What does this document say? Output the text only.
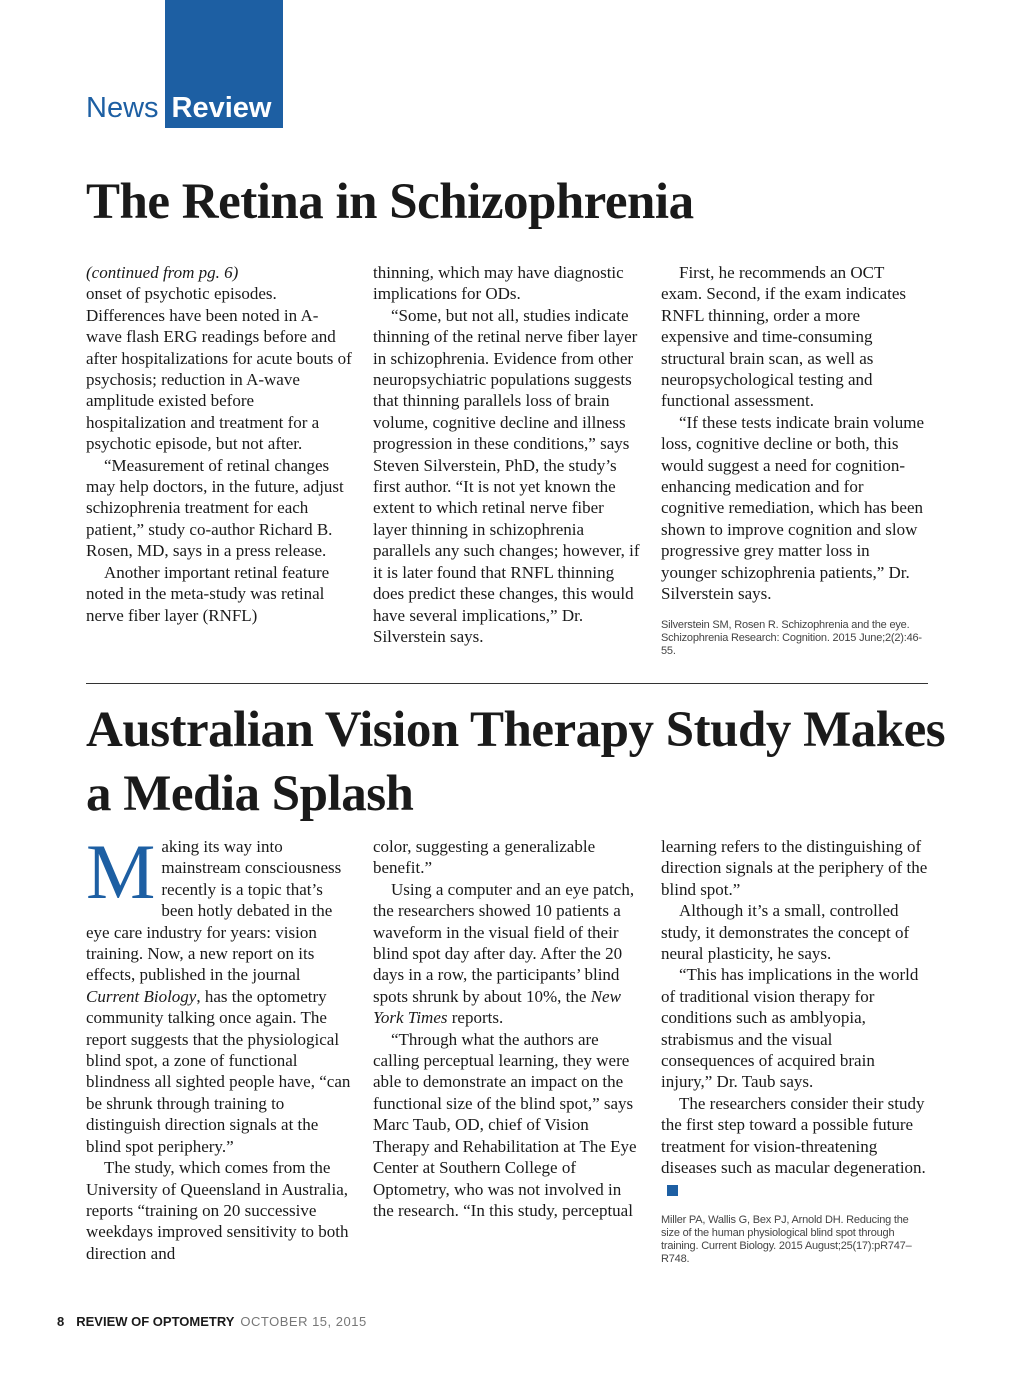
News Review
The Retina in Schizophrenia

(continued from pg. 6)

onset of psychotic episodes. Differences have been noted in A-wave flash ERG readings before and after hospitalizations for acute bouts of psychosis; reduction in A-wave amplitude existed before hospitalization and treatment for a psychotic episode, but not after.

“Measurement of retinal changes may help doctors, in the future, adjust schizophrenia treatment for each patient,” study co-author Richard B. Rosen, MD, says in a press release.

Another important retinal feature noted in the meta-study was retinal nerve fiber layer (RNFL)

thinning, which may have diagnostic implications for ODs.

“Some, but not all, studies indicate thinning of the retinal nerve fiber layer in schizophrenia. Evidence from other neuropsychiatric populations suggests that thinning parallels loss of brain volume, cognitive decline and illness progression in these conditions,” says Steven Silverstein, PhD, the study’s first author. “It is not yet known the extent to which retinal nerve fiber layer thinning in schizophrenia parallels any such changes; however, if it is later found that RNFL thinning does predict these changes, this would have several implications,” Dr. Silverstein says.

First, he recommends an OCT exam. Second, if the exam indicates RNFL thinning, order a more expensive and time-consuming structural brain scan, as well as neuropsychological testing and functional assessment.

“If these tests indicate brain volume loss, cognitive decline or both, this would suggest a need for cognition-enhancing medication and for cognitive remediation, which has been shown to improve cognition and slow progressive grey matter loss in younger schizophrenia patients,” Dr. Silverstein says.

Silverstein SM, Rosen R. Schizophrenia and the eye. Schizophrenia Research: Cognition. 2015 June;2(2):46-55.

Australian Vision Therapy Study Makes a Media Splash

Making its way into mainstream consciousness recently is a topic that’s been hotly debated in the eye care industry for years: vision training. Now, a new report on its effects, published in the journal Current Biology, has the optometry community talking once again. The report suggests that the physiological blind spot, a zone of functional blindness all sighted people have, “can be shrunk through training to distinguish direction signals at the blind spot periphery.”

The study, which comes from the University of Queensland in Australia, reports “training on 20 successive weekdays improved sensitivity to both direction and

color, suggesting a generalizable benefit.”

Using a computer and an eye patch, the researchers showed 10 patients a waveform in the visual field of their blind spot day after day. After the 20 days in a row, the participants’ blind spots shrunk by about 10%, the New York Times reports.

“Through what the authors are calling perceptual learning, they were able to demonstrate an impact on the functional size of the blind spot,” says Marc Taub, OD, chief of Vision Therapy and Rehabilitation at The Eye Center at Southern College of Optometry, who was not involved in the research. “In this study, perceptual

learning refers to the distinguishing of direction signals at the periphery of the blind spot.”

Although it’s a small, controlled study, it demonstrates the concept of neural plasticity, he says.

“This has implications in the world of traditional vision therapy for conditions such as amblyopia, strabismus and the visual consequences of acquired brain injury,” Dr. Taub says.

The researchers consider their study the first step toward a possible future treatment for vision-threatening diseases such as macular degeneration.

Miller PA, Wallis G, Bex PJ, Arnold DH. Reducing the size of the human physiological blind spot through training. Current Biology. 2015 August;25(17):pR747–R748.

8 REVIEW OF OPTOMETRY OCTOBER 15, 2015
